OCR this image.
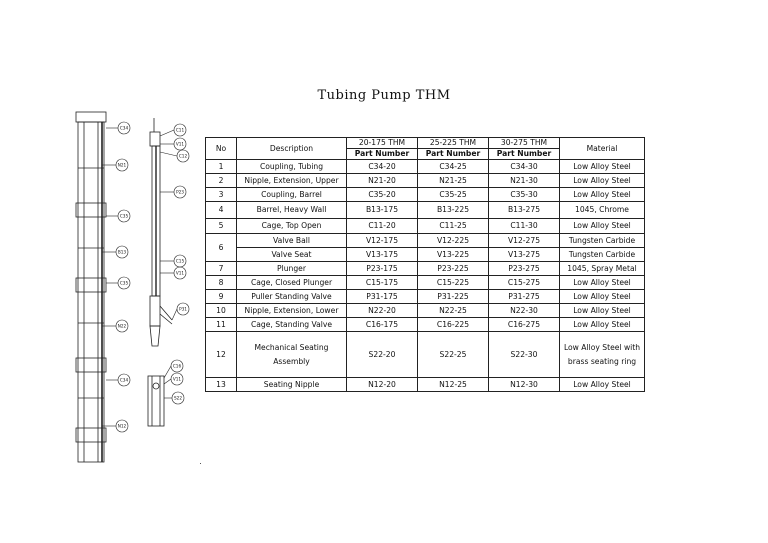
Tubing Pump THM
C34
N21
C35
B13
C35
N22
C34
N12
C11
V11
C12
P23
C15
V11
P31
C16
V11
S22
No	Description	20-175 THM	25-225 THM	30-275 THM	Material
		Part Number	Part Number	Part Number	
1	Coupling, Tubing	C34-20	C34-25	C34-30	Low Alloy Steel
2	Nipple, Extension, Upper	N21-20	N21-25	N21-30	Low Alloy Steel
3	Coupling, Barrel	C35-20	C35-25	C35-30	Low Alloy Steel
4	Barrel, Heavy Wall	B13-175	B13-225	B13-275	1045, Chrome
5	Cage, Top Open	C11-20	C11-25	C11-30	Low Alloy Steel
6	Valve Ball	V12-175	V12-225	V12-275	Tungsten Carbide
	Valve Seat	V13-175	V13-225	V13-275	Tungsten Carbide
7	Plunger	P23-175	P23-225	P23-275	1045, Spray Metal
8	Cage, Closed Plunger	C15-175	C15-225	C15-275	Low Alloy Steel
9	Puller Standing Valve	P31-175	P31-225	P31-275	Low Alloy Steel
10	Nipple, Extension, Lower	N22-20	N22-25	N22-30	Low Alloy Steel
11	Cage, Standing Valve	C16-175	C16-225	C16-275	Low Alloy Steel
12	Mechanical Seating Assembly	S22-20	S22-25	S22-30	Low Alloy Steel with brass seating ring
13	Seating Nipple	N12-20	N12-25	N12-30	Low Alloy Steel
